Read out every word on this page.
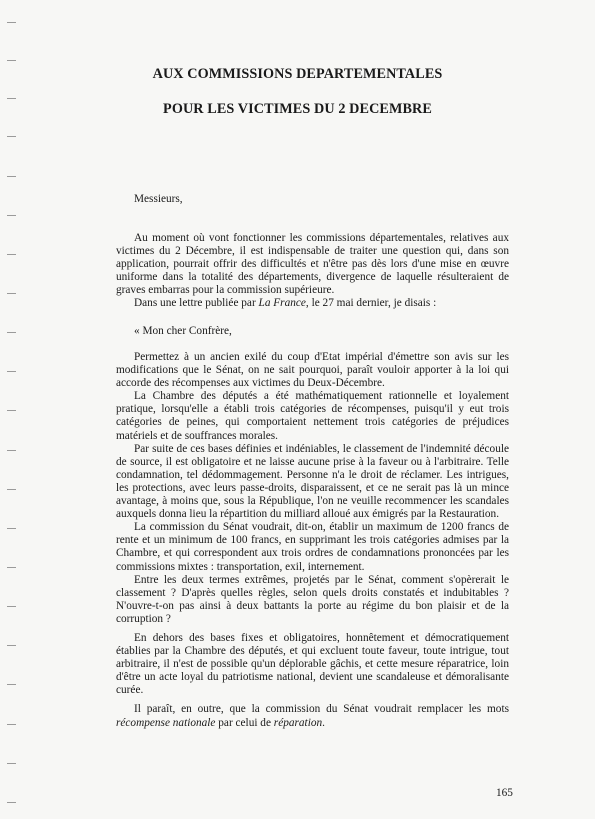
AUX COMMISSIONS DEPARTEMENTALES
POUR LES VICTIMES DU 2 DECEMBRE
Messieurs,

Au moment où vont fonctionner les commissions départementales, relatives aux victimes du 2 Décembre, il est indispensable de traiter une question qui, dans son application, pourrait offrir des difficultés et n'être pas dès lors d'une mise en œuvre uniforme dans la totalité des départements, divergence de laquelle résulteraient de graves embarras pour la commission supérieure.

Dans une lettre publiée par La France, le 27 mai dernier, je disais :

« Mon cher Confrère,

Permettez à un ancien exilé du coup d'Etat impérial d'émettre son avis sur les modifications que le Sénat, on ne sait pourquoi, paraît vouloir apporter à la loi qui accorde des récompenses aux victimes du Deux-Décembre.

La Chambre des députés a été mathématiquement rationnelle et loyalement pratique, lorsqu'elle a établi trois catégories de récompenses, puisqu'il y eut trois catégories de peines, qui comportaient nettement trois catégories de préjudices matériels et de souffrances morales.

Par suite de ces bases définies et indéniables, le classement de l'indemnité découle de source, il est obligatoire et ne laisse aucune prise à la faveur ou à l'arbitraire. Telle condamnation, tel dédommagement. Personne n'a le droit de réclamer. Les intrigues, les protections, avec leurs passe-droits, disparaissent, et ce ne serait pas là un mince avantage, à moins que, sous la République, l'on ne veuille recommencer les scandales auxquels donna lieu la répartition du milliard alloué aux émigrés par la Restauration.

La commission du Sénat voudrait, dit-on, établir un maximum de 1200 francs de rente et un minimum de 100 francs, en supprimant les trois catégories admises par la Chambre, et qui correspondent aux trois ordres de condamnations prononcées par les commissions mixtes : transportation, exil, internement.

Entre les deux termes extrêmes, projetés par le Sénat, comment s'opèrerait le classement ? D'après quelles règles, selon quels droits constatés et indubitables ? N'ouvre-t-on pas ainsi à deux battants la porte au régime du bon plaisir et de la corruption ?

En dehors des bases fixes et obligatoires, honnêtement et démocratiquement établies par la Chambre des députés, et qui excluent toute faveur, toute intrigue, tout arbitraire, il n'est de possible qu'un déplorable gâchis, et cette mesure réparatrice, loin d'être un acte loyal du patriotisme national, devient une scandaleuse et démoralisante curée.

Il paraît, en outre, que la commission du Sénat voudrait remplacer les mots récompense nationale par celui de réparation.

165
